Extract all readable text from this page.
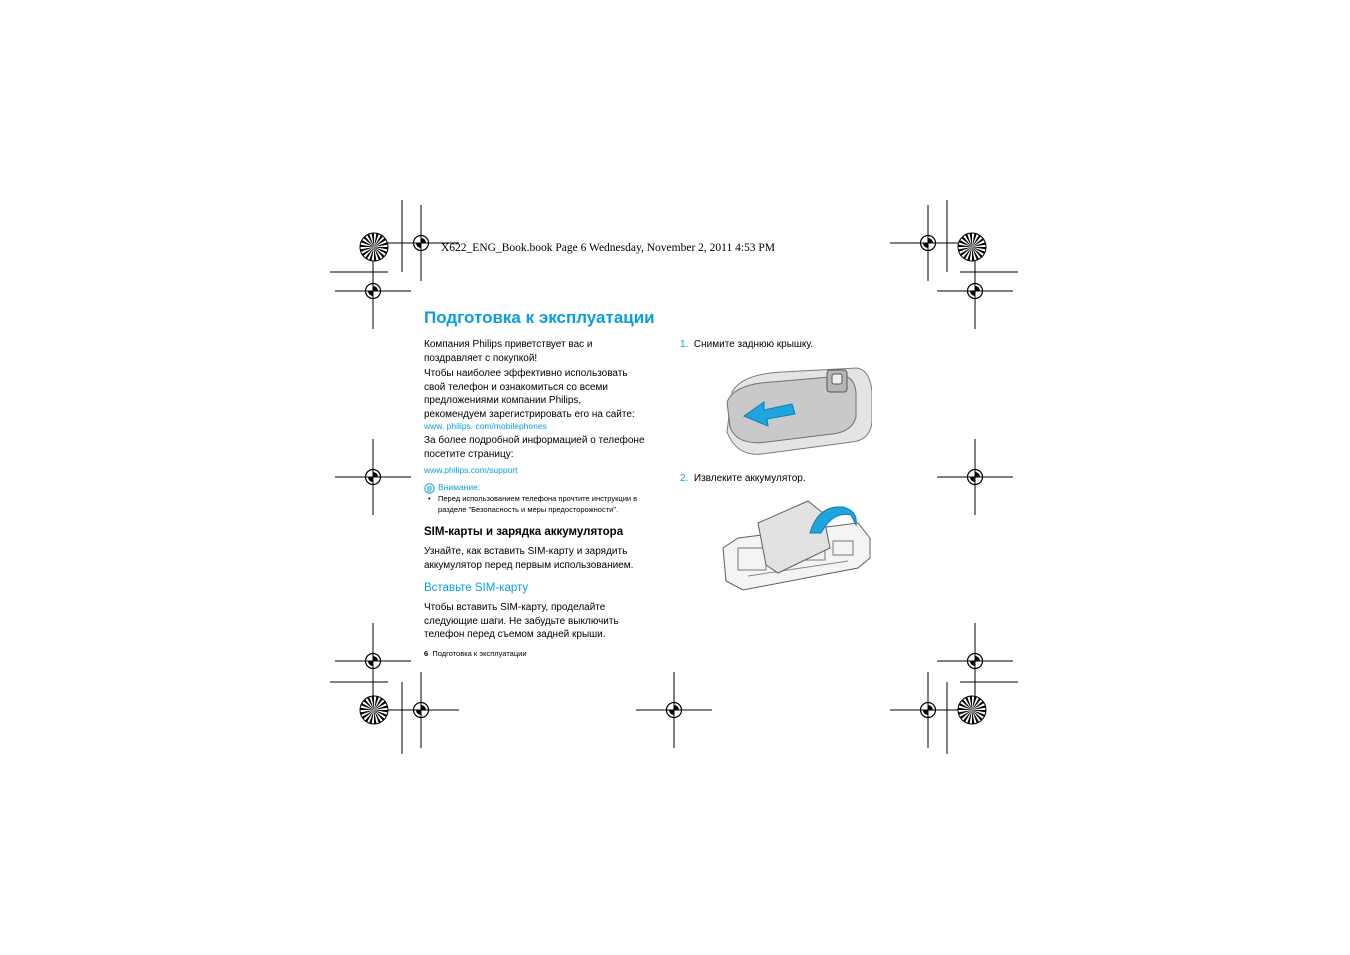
X622_ENG_Book.book Page 6 Wednesday, November 2, 2011 4:53 PM
Подготовка к эксплуатации
Компания Philips приветствует вас и
поздравляет с покупкой!
Чтобы наиболее эффективно использовать
свой телефон и ознакомиться со всеми
предложениями компании Philips,
рекомендуем зарегистрировать его на сайте:
www. philips. com/mobilephones
За более подробной информацией о телефоне
посетите страницу:
www.philips.com/support
Внимание:
• Перед использованием телефона прочтите инструкции в
разделе "Безопасность и меры предосторожности".
SIM-карты и зарядка аккумулятора
Узнайте, как вставить SIM-карту и зарядить
аккумулятор перед первым использованием.
Вставьте SIM-карту
Чтобы вставить SIM-карту, проделайте
следующие шаги. Не забудьте выключить
телефон перед съемом задней крыши.
6 Подготовка к эксплуатации
1. Снимите заднюю крышку.
2. Извлеките аккумулятор.
